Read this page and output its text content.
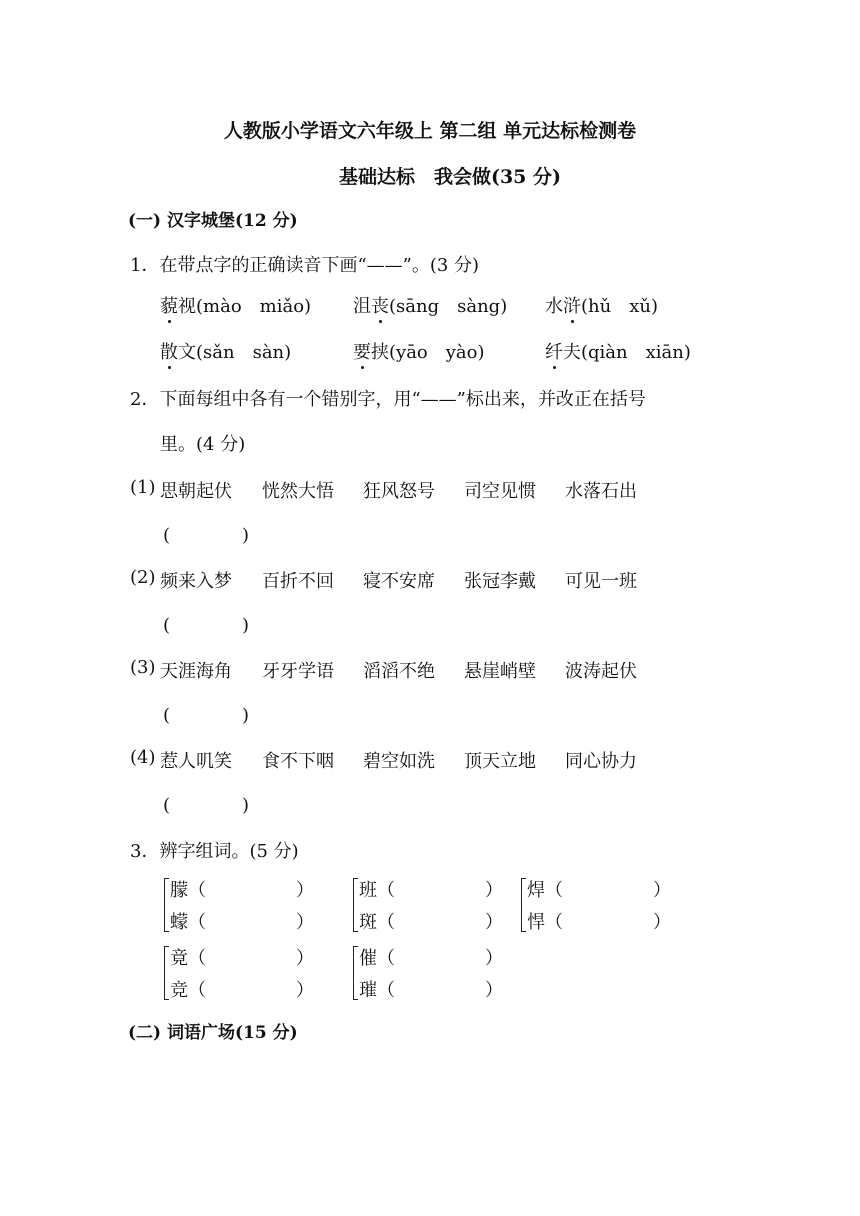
人教版小学语文六年级上 第二组 单元达标检测卷
基础达标　我会做(35 分)
(一) 汉字城堡(12 分)
1．在带点字的正确读音下画“——”。(3 分)
藐视(mào　miǎo) 沮丧(sāng　sàng) 水浒(hǔ　xǔ)
散文(sǎn　sàn)	要挟(yāo　yào)	纤夫(qiàn　xiān)
2．下面每组中各有一个错别字，用“——”标出来，并改正在括号
里。(4 分)
(1) 思朝起伏 恍然大悟 狂风怒号 司空见惯 水落石出
(　　　　)
(2) 频来入梦 百折不回 寝不安席 张冠李戴 可见一班
(　　　　)
(3) 天涯海角 牙牙学语 滔滔不绝 悬崖峭壁 波涛起伏
(　　　　)
(4) 惹人叽笑 食不下咽 碧空如洗 顶天立地 同心协力
(　　　　)
3．辨字组词。(5 分)
朦（　　　　　）
蠓（　　　　　）
班（　　　　　）
斑（　　　　　）
焊（　　　　　）
悍（　　　　　）
竟（　　　　　）
竞（　　　　　）
催（　　　　　）
璀（　　　　　）
(二) 词语广场(15 分)
